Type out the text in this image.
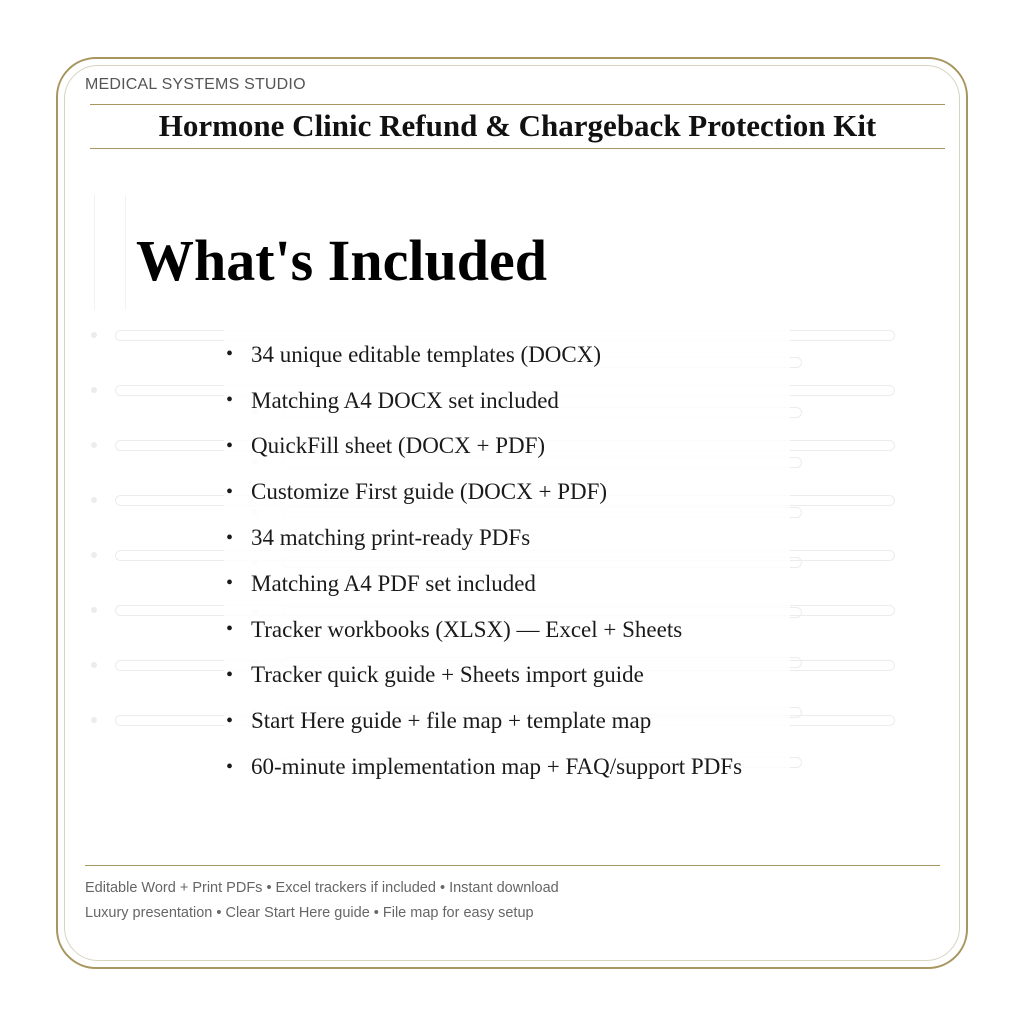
MEDICAL SYSTEMS STUDIO
Hormone Clinic Refund & Chargeback Protection Kit
What's Included
• 34 unique editable templates (DOCX)
• Matching A4 DOCX set included
• QuickFill sheet (DOCX + PDF)
• Customize First guide (DOCX + PDF)
• 34 matching print-ready PDFs
• Matching A4 PDF set included
• Tracker workbooks (XLSX) — Excel + Sheets
• Tracker quick guide + Sheets import guide
• Start Here guide + file map + template map
• 60-minute implementation map + FAQ/support PDFs
Editable Word + Print PDFs • Excel trackers if included • Instant download
Luxury presentation • Clear Start Here guide • File map for easy setup
